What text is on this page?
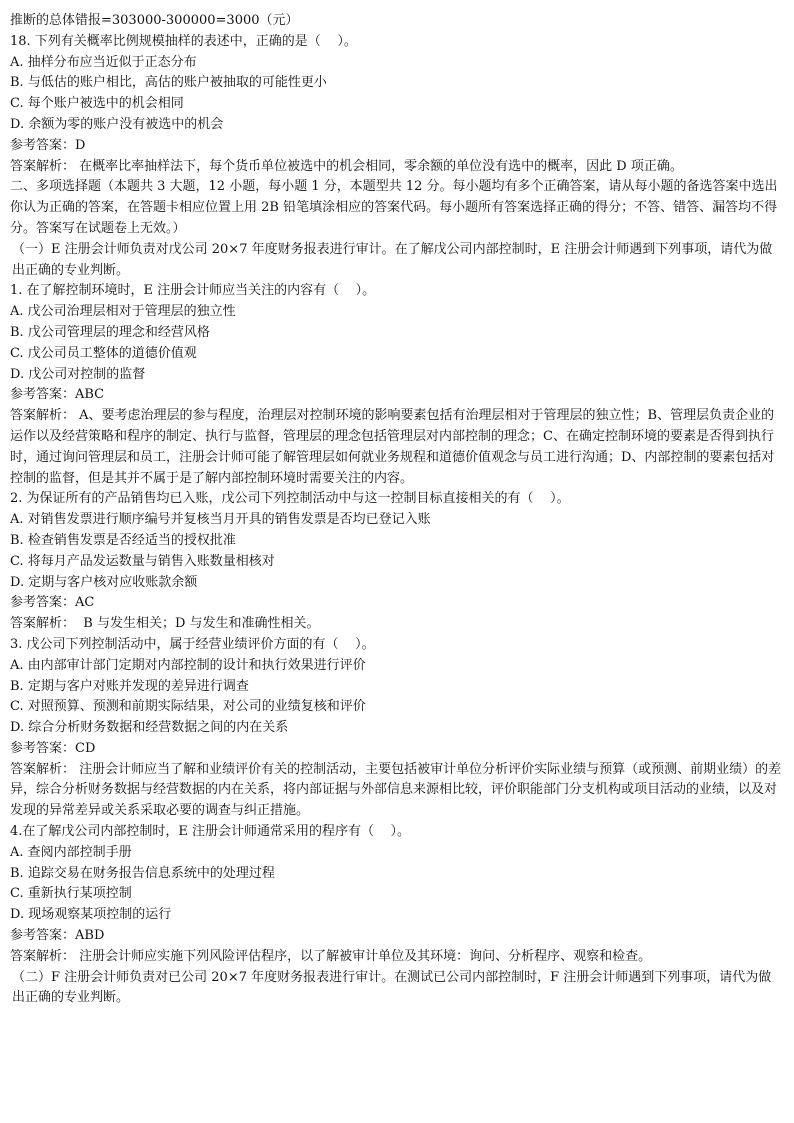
推断的总体错报=303000-300000=3000（元）

18. 下列有关概率比例规模抽样的表述中，正确的是（    ）。

A. 抽样分布应当近似于正态分布

B. 与低估的账户相比，高估的账户被抽取的可能性更小

C. 每个账户被选中的机会相同

D. 余额为零的账户没有被选中的机会

参考答案：D

答案解析： 在概率比率抽样法下，每个货币单位被选中的机会相同，零余额的单位没有选中的概率，因此 D 项正确。

二、多项选择题（本题共 3 大题，12 小题，每小题 1 分，本题型共 12 分。每小题均有多个正确答案，请从每小题的备选答案中选出你认为正确的答案，在答题卡相应位置上用 2B 铅笔填涂相应的答案代码。每小题所有答案选择正确的得分；不答、错答、漏答均不得分。答案写在试题卷上无效。）

（一）E 注册会计师负责对戊公司 20×7 年度财务报表进行审计。在了解戊公司内部控制时，E 注册会计师遇到下列事项，请代为做出正确的专业判断。

1. 在了解控制环境时，E 注册会计师应当关注的内容有（    ）。

A. 戊公司治理层相对于管理层的独立性

B. 戊公司管理层的理念和经营风格

C. 戊公司员工整体的道德价值观

D. 戊公司对控制的监督

参考答案：ABC

答案解析： A、要考虑治理层的参与程度，治理层对控制环境的影响要素包括有治理层相对于管理层的独立性；B、管理层负责企业的运作以及经营策略和程序的制定、执行与监督，管理层的理念包括管理层对内部控制的理念；C、在确定控制环境的要素是否得到执行时，通过询问管理层和员工，注册会计师可能了解管理层如何就业务规程和道德价值观念与员工进行沟通；D、内部控制的要素包括对控制的监督，但是其并不属于是了解内部控制环境时需要关注的内容。

2. 为保证所有的产品销售均已入账，戊公司下列控制活动中与这一控制目标直接相关的有（    ）。

A. 对销售发票进行顺序编号并复核当月开具的销售发票是否均已登记入账

B. 检查销售发票是否经适当的授权批准

C. 将每月产品发运数量与销售入账数量相核对

D. 定期与客户核对应收账款余额

参考答案：AC

答案解析：  B 与发生相关；D 与发生和准确性相关。

3. 戊公司下列控制活动中，属于经营业绩评价方面的有（    ）。

A. 由内部审计部门定期对内部控制的设计和执行效果进行评价

B. 定期与客户对账并发现的差异进行调查

C. 对照预算、预测和前期实际结果，对公司的业绩复核和评价

D. 综合分析财务数据和经营数据之间的内在关系

参考答案：CD

答案解析： 注册会计师应当了解和业绩评价有关的控制活动，主要包括被审计单位分析评价实际业绩与预算（或预测、前期业绩）的差异，综合分析财务数据与经营数据的内在关系，将内部证据与外部信息来源相比较，评价职能部门分支机构或项目活动的业绩，以及对发现的异常差异或关系采取必要的调查与纠正措施。

4.在了解戊公司内部控制时，E 注册会计师通常采用的程序有（    ）。

A. 查阅内部控制手册

B. 追踪交易在财务报告信息系统中的处理过程

C. 重新执行某项控制

D. 现场观察某项控制的运行

参考答案：ABD

答案解析： 注册会计师应实施下列风险评估程序，以了解被审计单位及其环境：询问、分析程序、观察和检查。

（二）F 注册会计师负责对已公司 20×7 年度财务报表进行审计。在测试已公司内部控制时，F 注册会计师遇到下列事项，请代为做出正确的专业判断。
